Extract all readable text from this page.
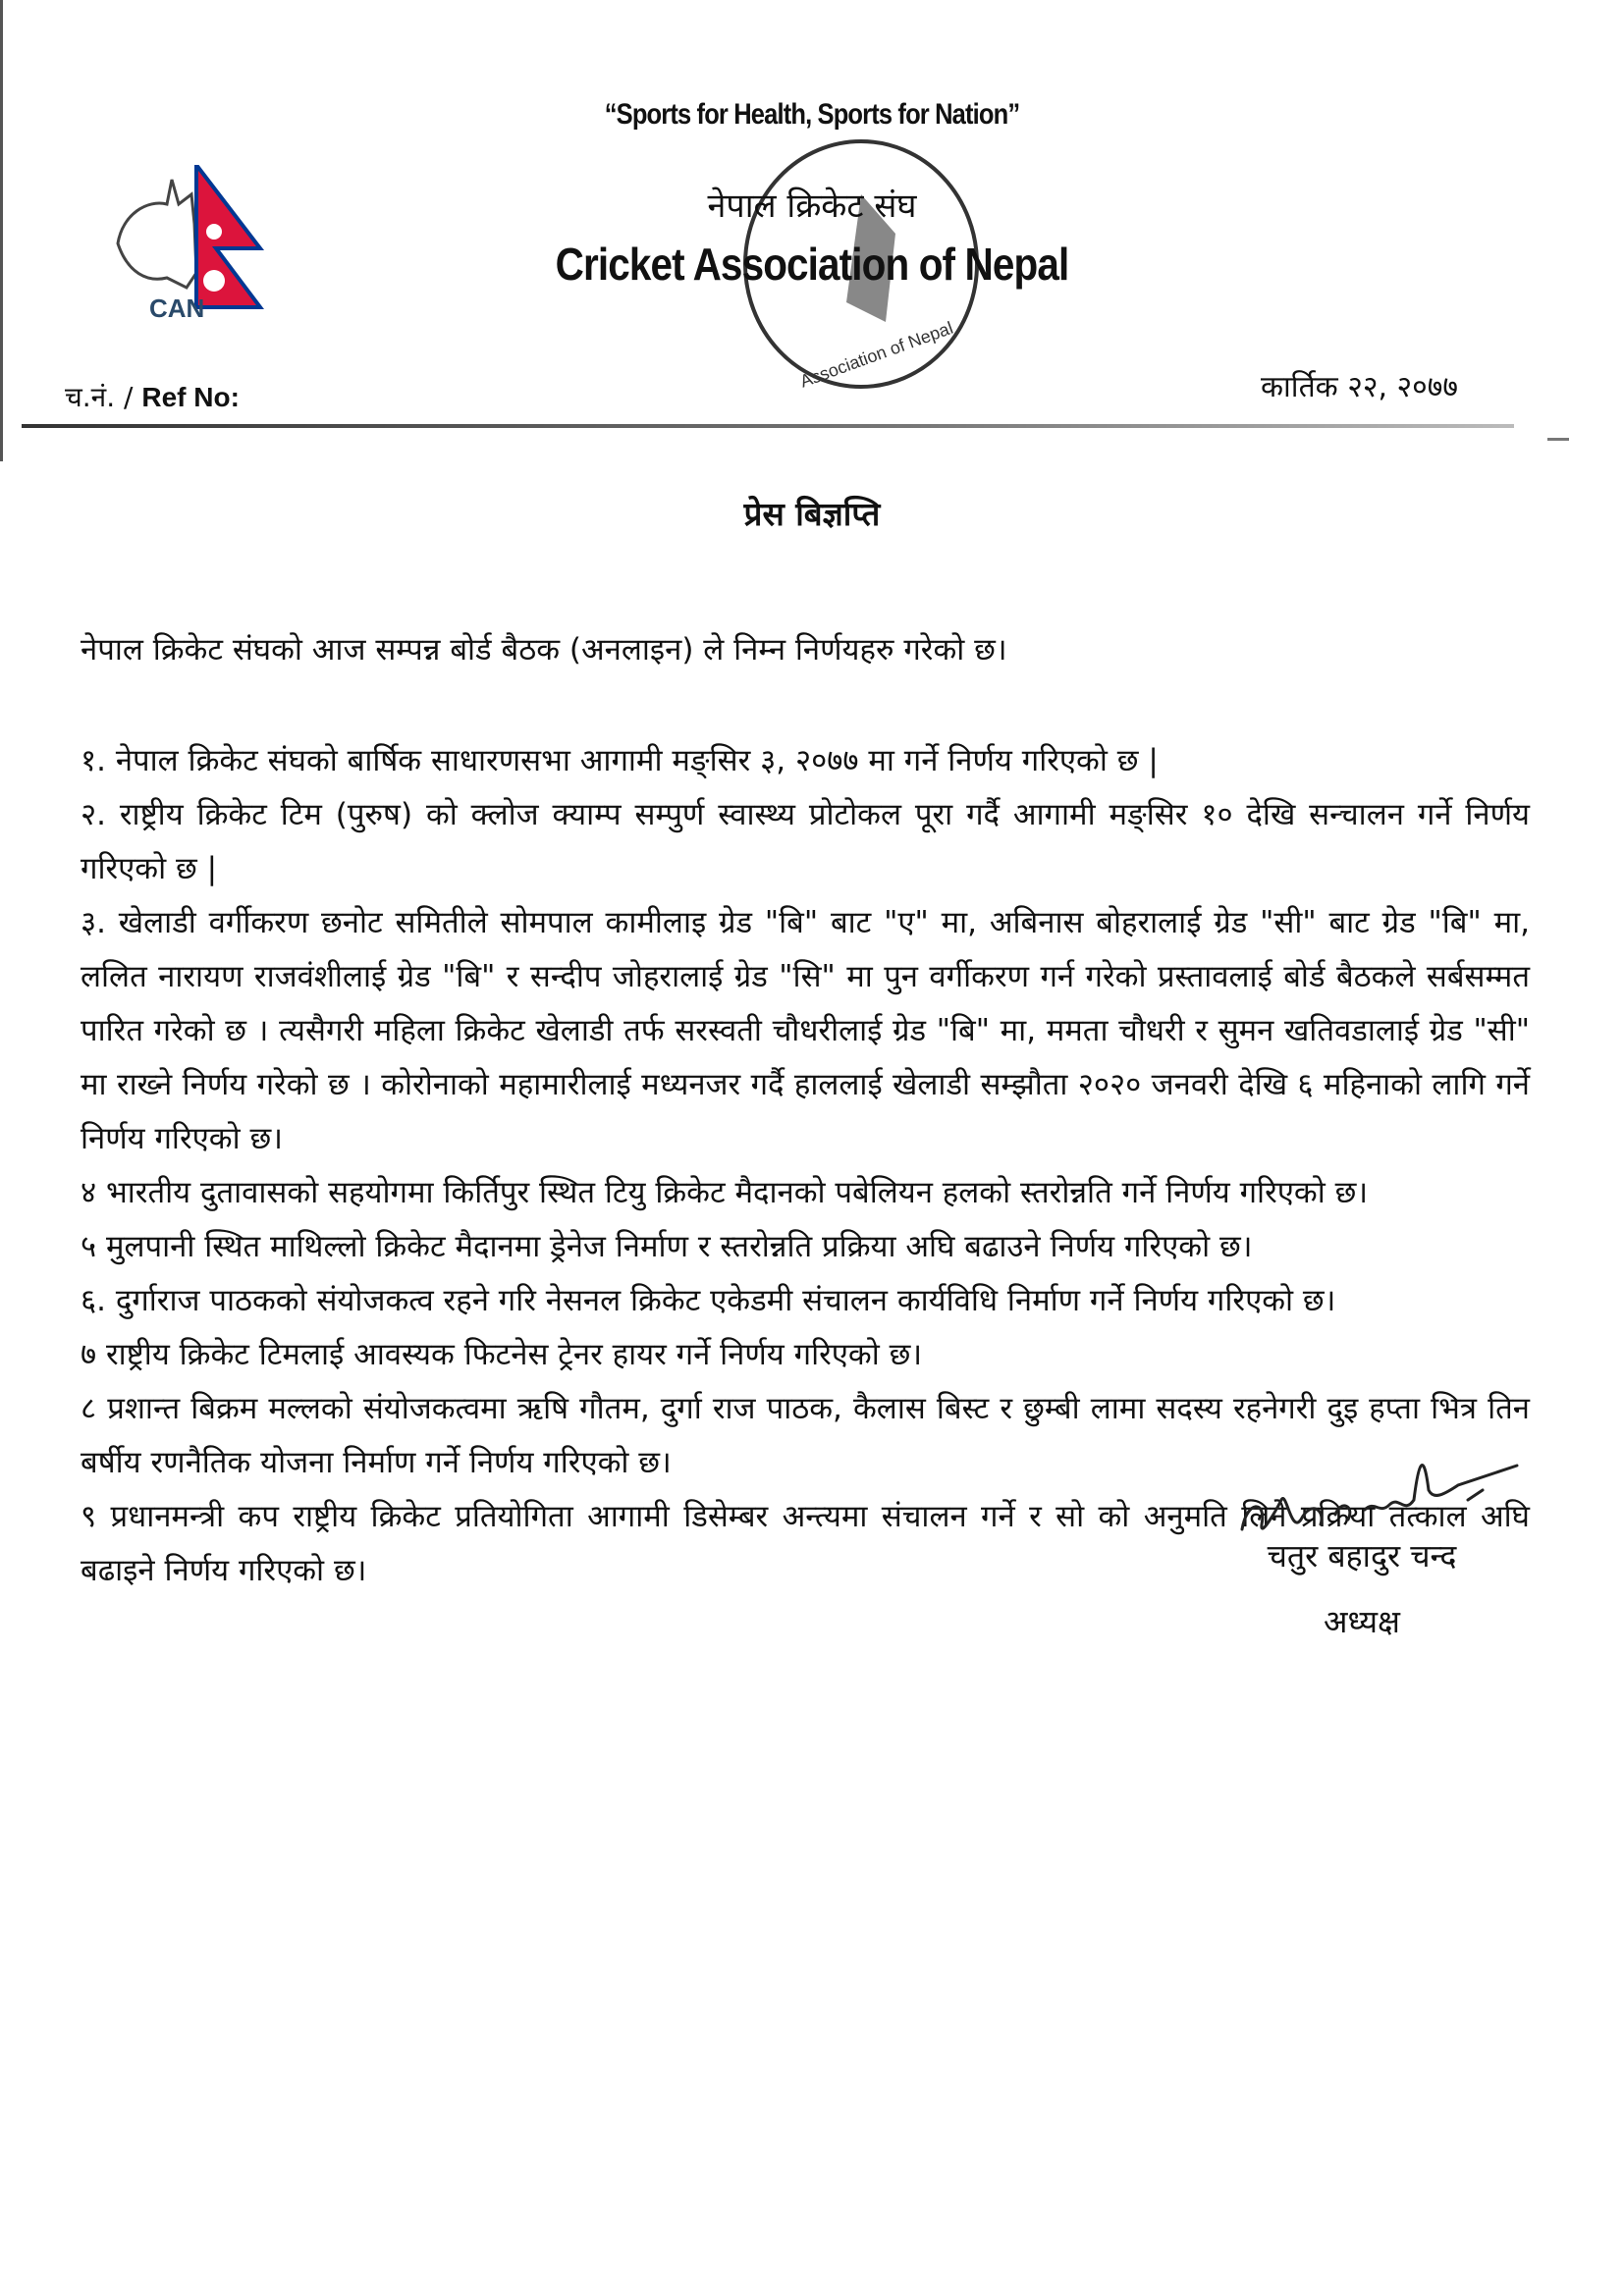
“Sports for Health, Sports for Nation”
CAN
Association of Nepal
नेपाल क्रिकेट संघ
Cricket Association of Nepal
च.नं. / Ref No:	कार्तिक २२, २०७७
प्रेस बिज्ञप्ति
नेपाल क्रिकेट संघको आज सम्पन्न बोर्ड बैठक (अनलाइन) ले निम्न निर्णयहरु गरेको छ।

१. नेपाल क्रिकेट संघको बार्षिक साधारणसभा आगामी मङ्सिर ३, २०७७ मा गर्ने निर्णय गरिएको छ |

२. राष्ट्रीय क्रिकेट टिम (पुरुष) को क्लोज क्याम्प सम्पुर्ण स्वास्थ्य प्रोटोकल पूरा गर्दै आगामी मङ्सिर १० देखि सन्चालन गर्ने निर्णय गरिएको छ |

३. खेलाडी वर्गीकरण छनोट समितीले सोमपाल कामीलाइ ग्रेड "बि" बाट "ए" मा, अबिनास बोहरालाई ग्रेड "सी" बाट ग्रेड "बि" मा, ललित नारायण राजवंशीलाई ग्रेड "बि" र सन्दीप जोहरालाई ग्रेड "सि" मा पुन वर्गीकरण गर्न गरेको प्रस्तावलाई बोर्ड बैठकले सर्बसम्मत पारित गरेको छ । त्यसैगरी महिला क्रिकेट खेलाडी तर्फ सरस्वती चौधरीलाई ग्रेड "बि" मा, ममता चौधरी र सुमन खतिवडालाई ग्रेड "सी" मा राख्ने निर्णय गरेको छ । कोरोनाको महामारीलाई मध्यनजर गर्दै हाललाई खेलाडी सम्झौता २०२० जनवरी देखि ६ महिनाको लागि गर्ने निर्णय गरिएको छ।

४ भारतीय दुतावासको सहयोगमा किर्तिपुर स्थित टियु क्रिकेट मैदानको पबेलियन हलको स्तरोन्नति गर्ने निर्णय गरिएको छ।

५ मुलपानी स्थित माथिल्लो क्रिकेट मैदानमा ड्रेनेज निर्माण र स्तरोन्नति प्रक्रिया अघि बढाउने निर्णय गरिएको छ।

६. दुर्गाराज पाठकको संयोजकत्व रहने गरि नेसनल क्रिकेट एकेडमी संचालन कार्यविधि निर्माण गर्ने निर्णय गरिएको छ।

७ राष्ट्रीय क्रिकेट टिमलाई आवस्यक फिटनेस ट्रेनर हायर गर्ने निर्णय गरिएको छ।

८ प्रशान्त बिक्रम मल्लको संयोजकत्वमा ऋषि गौतम, दुर्गा राज पाठक, कैलास बिस्ट र छुम्बी लामा सदस्य रहनेगरी दुइ हप्ता भित्र तिन बर्षीय रणनैतिक योजना निर्माण गर्ने निर्णय गरिएको छ।

९ प्रधानमन्त्री कप राष्ट्रीय क्रिकेट प्रतियोगिता आगामी डिसेम्बर अन्त्यमा संचालन गर्ने र सो को अनुमति लिने प्रक्रिया तत्काल अघि बढाइने निर्णय गरिएको छ।	चतुर बहादुर चन्द
अध्यक्ष
